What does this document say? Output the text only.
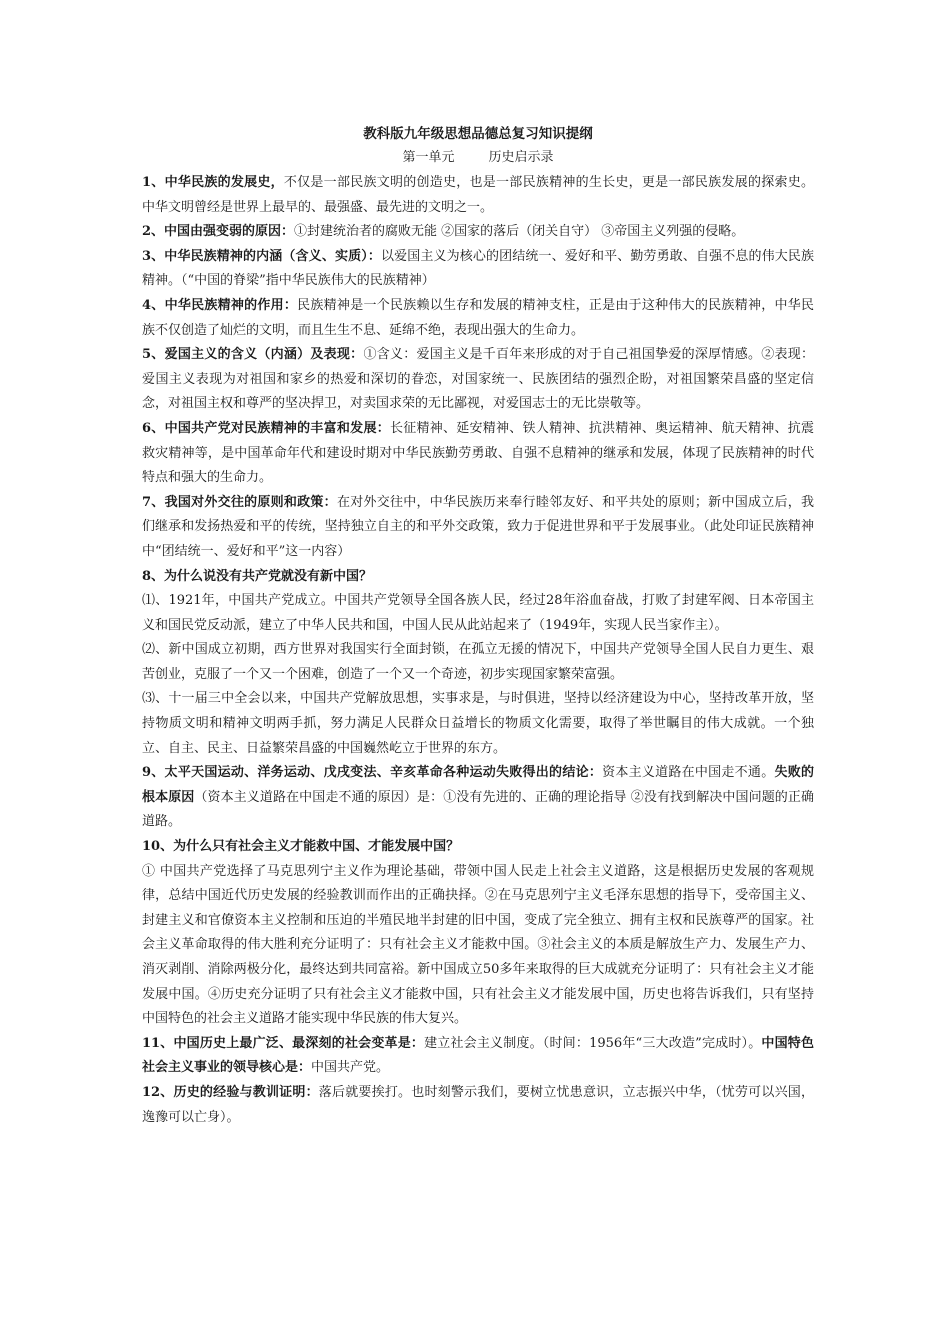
教科版九年级思想品德总复习知识提纲
第一单元	历史启示录

1、中华民族的发展史，不仅是一部民族文明的创造史，也是一部民族精神的生长史，更是一部民族发展的探索史。中华文明曾经是世界上最早的、最强盛、最先进的文明之一。

2、中国由强变弱的原因：①封建统治者的腐败无能 ②国家的落后（闭关自守） ③帝国主义列强的侵略。

3、中华民族精神的内涵（含义、实质）：以爱国主义为核心的团结统一、爱好和平、勤劳勇敢、自强不息的伟大民族精神。（“中国的脊梁”指中华民族伟大的民族精神）

4、中华民族精神的作用：民族精神是一个民族赖以生存和发展的精神支柱，正是由于这种伟大的民族精神，中华民族不仅创造了灿烂的文明，而且生生不息、延绵不绝，表现出强大的生命力。

5、爱国主义的含义（内涵）及表现：①含义：爱国主义是千百年来形成的对于自己祖国挚爱的深厚情感。②表现：爱国主义表现为对祖国和家乡的热爱和深切的眷恋，对国家统一、民族团结的强烈企盼，对祖国繁荣昌盛的坚定信念，对祖国主权和尊严的坚决捍卫，对卖国求荣的无比鄙视，对爱国志士的无比崇敬等。

6、中国共产党对民族精神的丰富和发展：长征精神、延安精神、铁人精神、抗洪精神、奥运精神、航天精神、抗震救灾精神等，是中国革命年代和建设时期对中华民族勤劳勇敢、自强不息精神的继承和发展，体现了民族精神的时代特点和强大的生命力。

7、我国对外交往的原则和政策：在对外交往中，中华民族历来奉行睦邻友好、和平共处的原则；新中国成立后，我们继承和发扬热爱和平的传统，坚持独立自主的和平外交政策，致力于促进世界和平于发展事业。（此处印证民族精神中“团结统一、爱好和平”这一内容）

8、为什么说没有共产党就没有新中国？

⑴、1921年，中国共产党成立。中国共产党领导全国各族人民，经过28年浴血奋战，打败了封建军阀、日本帝国主义和国民党反动派，建立了中华人民共和国，中国人民从此站起来了（1949年，实现人民当家作主）。

⑵、新中国成立初期，西方世界对我国实行全面封锁，在孤立无援的情况下，中国共产党领导全国人民自力更生、艰苦创业，克服了一个又一个困难，创造了一个又一个奇迹，初步实现国家繁荣富强。

⑶、十一届三中全会以来，中国共产党解放思想，实事求是，与时俱进，坚持以经济建设为中心，坚持改革开放，坚持物质文明和精神文明两手抓，努力满足人民群众日益增长的物质文化需要，取得了举世瞩目的伟大成就。一个独立、自主、民主、日益繁荣昌盛的中国巍然屹立于世界的东方。

9、太平天国运动、洋务运动、戊戌变法、辛亥革命各种运动失败得出的结论：资本主义道路在中国走不通。失败的根本原因（资本主义道路在中国走不通的原因）是：①没有先进的、正确的理论指导 ②没有找到解决中国问题的正确道路。

10、为什么只有社会主义才能救中国、才能发展中国？

① 中国共产党选择了马克思列宁主义作为理论基础，带领中国人民走上社会主义道路，这是根据历史发展的客观规律，总结中国近代历史发展的经验教训而作出的正确抉择。②在马克思列宁主义毛泽东思想的指导下，受帝国主义、封建主义和官僚资本主义控制和压迫的半殖民地半封建的旧中国，变成了完全独立、拥有主权和民族尊严的国家。社会主义革命取得的伟大胜利充分证明了：只有社会主义才能救中国。③社会主义的本质是解放生产力、发展生产力、消灭剥削、消除两极分化，最终达到共同富裕。新中国成立50多年来取得的巨大成就充分证明了：只有社会主义才能发展中国。④历史充分证明了只有社会主义才能救中国，只有社会主义才能发展中国，历史也将告诉我们，只有坚持中国特色的社会主义道路才能实现中华民族的伟大复兴。

11、中国历史上最广泛、最深刻的社会变革是：建立社会主义制度。（时间：1956年“三大改造”完成时）。中国特色社会主义事业的领导核心是：中国共产党。

12、历史的经验与教训证明：落后就要挨打。也时刻警示我们，要树立忧患意识，立志振兴中华，（忧劳可以兴国，逸豫可以亡身）。
